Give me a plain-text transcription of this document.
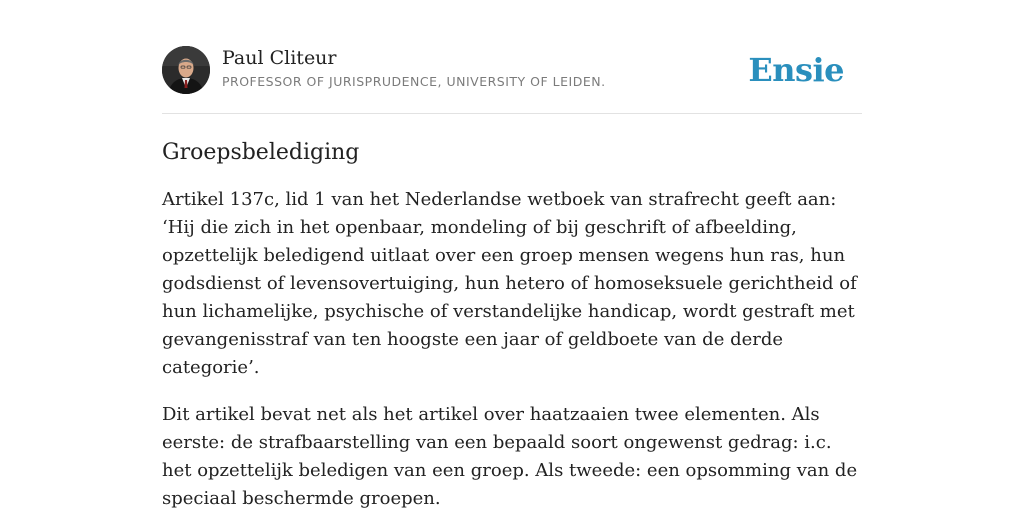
Paul Cliteur
PROFESSOR OF JURISPRUDENCE, UNIVERSITY OF LEIDEN.	Ensie
Groepsbelediging

Artikel 137c, lid 1 van het Nederlandse wetboek van strafrecht geeft aan: ‘Hij die zich in het openbaar, mondeling of bij geschrift of afbeelding, opzettelijk beledigend uitlaat over een groep mensen wegens hun ras, hun godsdienst of levensovertuiging, hun hetero of homoseksuele gerichtheid of hun lichamelijke, psychische of verstandelijke handicap, wordt gestraft met gevangenisstraf van ten hoogste een jaar of geldboete van de derde categorie’.

Dit artikel bevat net als het artikel over haatzaaien twee elementen. Als eerste: de strafbaarstelling van een bepaald soort ongewenst gedrag: i.c. het opzettelijk beledigen van een groep. Als tweede: een opsomming van de speciaal beschermde groepen.
